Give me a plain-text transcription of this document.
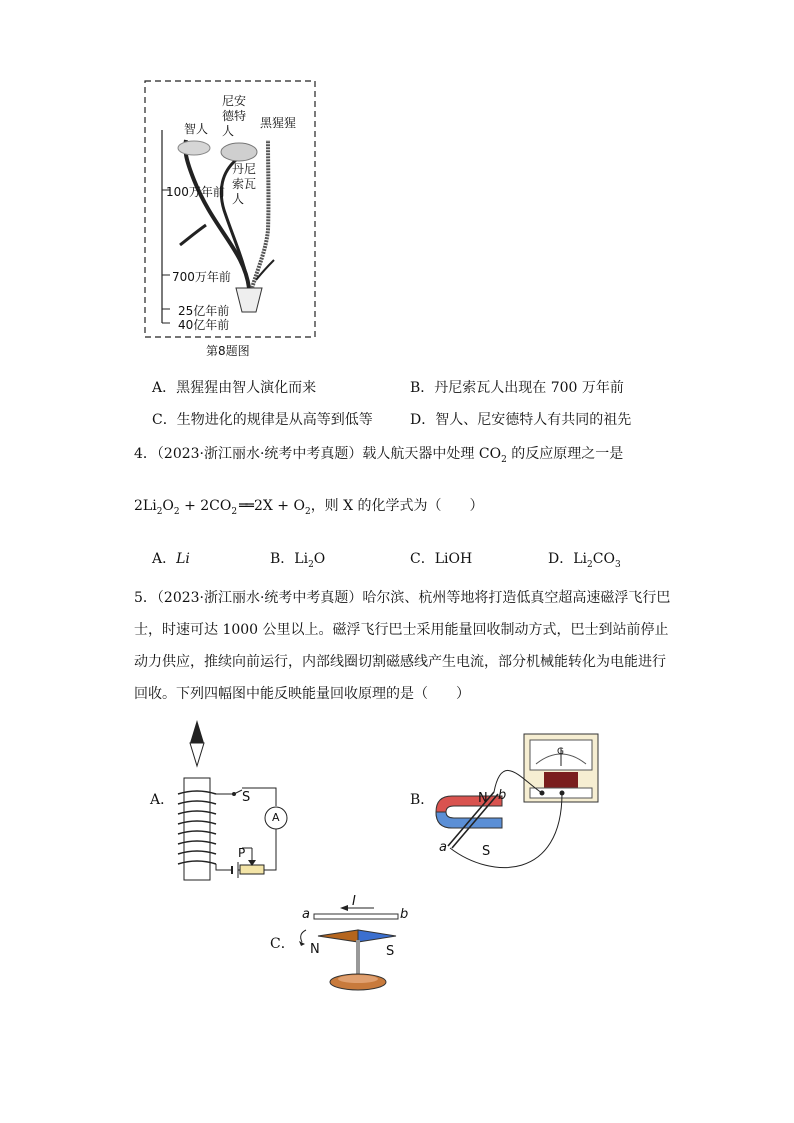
智人
尼安
德特
人
黑猩猩
丹尼
索瓦
人
100万年前
700万年前
25亿年前
40亿年前
第8题图
A．黑猩猩由智人演化而来	B．丹尼索瓦人出现在 700 万年前
C．生物进化的规律是从高等到低等	D．智人、尼安德特人有共同的祖先
4．（2023·浙江丽水·统考中考真题）载人航天器中处理 $CO_2$ 的反应原理之一是
$2Li_2O_2 + 2CO_2$ ══ $2X + O_2$，则 X 的化学式为（　　）
A．Li	B．$Li_2O$	C．LiOH	D．$Li_2CO_3$
5．（2023·浙江丽水·统考中考真题）哈尔滨、杭州等地将打造低真空超高速磁浮飞行巴
士，时速可达 1000 公里以上。磁浮飞行巴士采用能量回收制动方式，巴士到站前停止
动力供应，推续向前运行，内部线圈切割磁感线产生电流，部分机械能转化为电能进行
回收。下列四幅图中能反映能量回收原理的是（　　）
A．	S
A
P
B．	N b
a	S
G
C．
I
a	b
N	S
